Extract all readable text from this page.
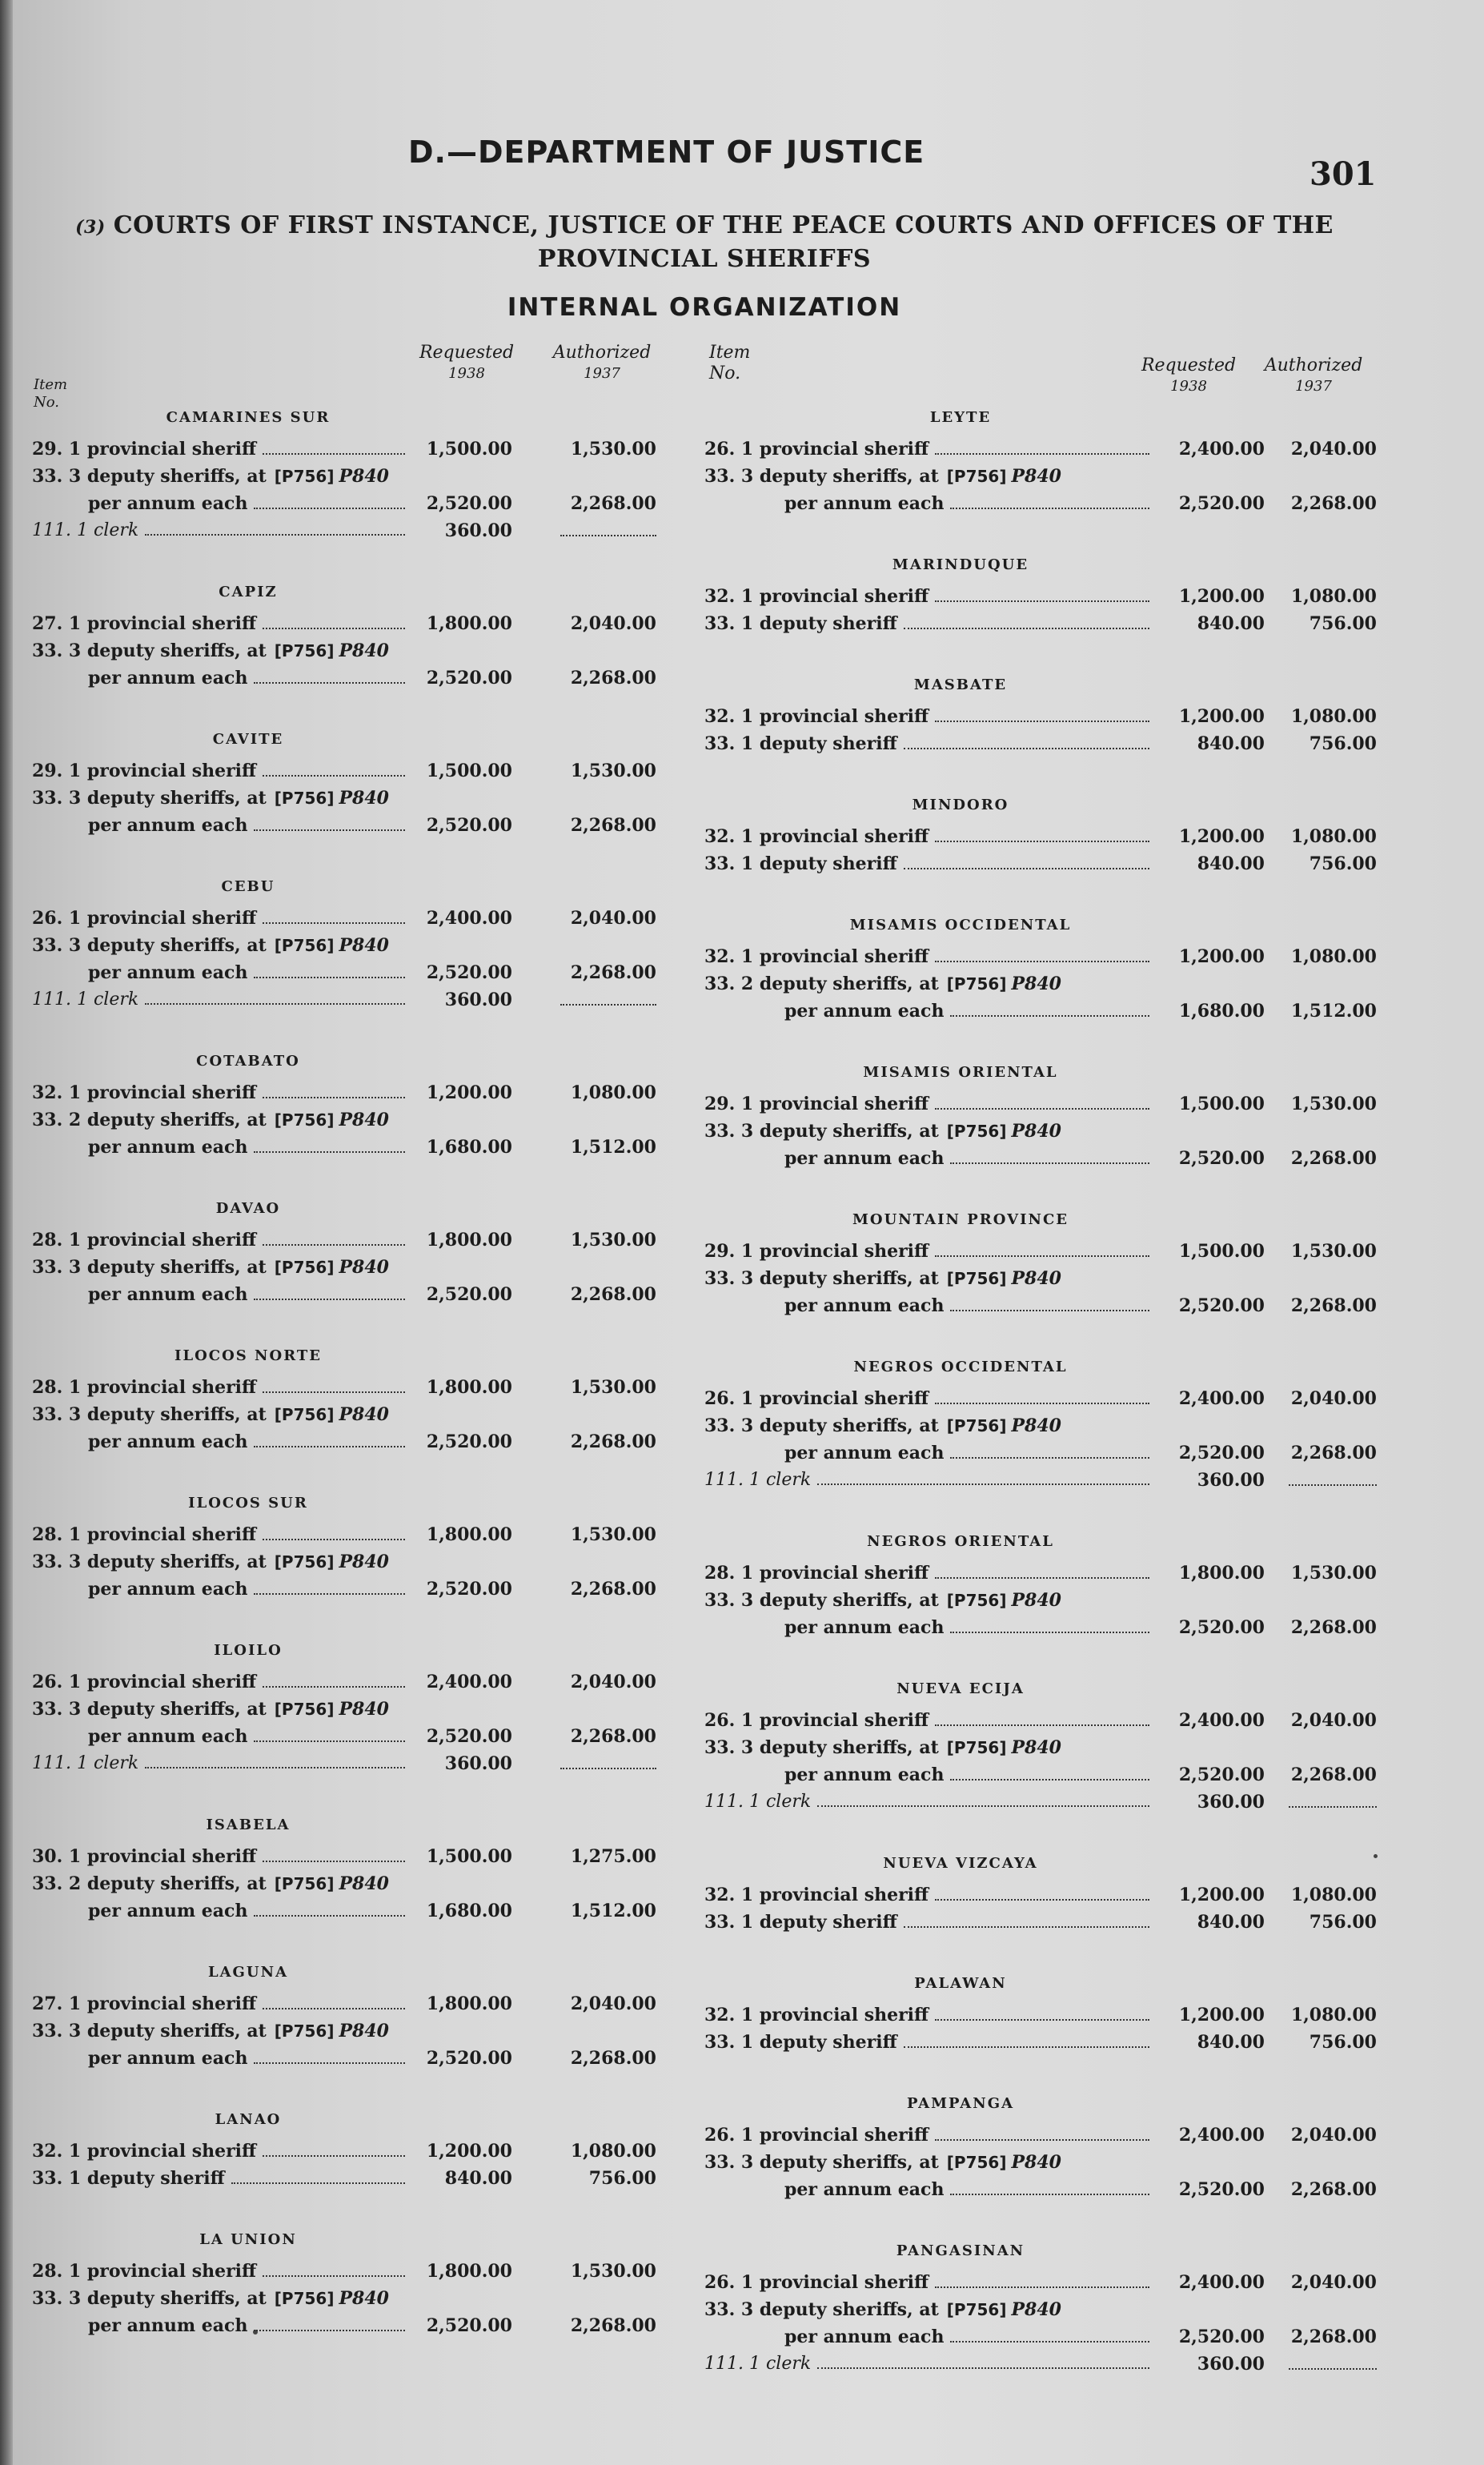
D.—DEPARTMENT OF JUSTICE
301
(3) COURTS OF FIRST INSTANCE, JUSTICE OF THE PEACE COURTS AND OFFICES OF THE PROVINCIAL SHERIFFS
INTERNAL ORGANIZATION
Item
No.
Requested
1938
Authorized
1937
Item
No.	Requested
1938
Authorized
1937
CAMARINES SUR
29. 1 provincial sheriff	1,500.00	1,530.00
33. 3 deputy sheriffs, at [P756] P840
per annum each	2,520.00	2,268.00
111. 1 clerk	360.00
CAPIZ
27. 1 provincial sheriff	1,800.00	2,040.00
33. 3 deputy sheriffs, at [P756] P840
per annum each	2,520.00	2,268.00
CAVITE
29. 1 provincial sheriff	1,500.00	1,530.00
33. 3 deputy sheriffs, at [P756] P840
per annum each	2,520.00	2,268.00
CEBU
26. 1 provincial sheriff	2,400.00	2,040.00
33. 3 deputy sheriffs, at [P756] P840
per annum each	2,520.00	2,268.00
111. 1 clerk	360.00
COTABATO
32. 1 provincial sheriff	1,200.00	1,080.00
33. 2 deputy sheriffs, at [P756] P840
per annum each	1,680.00	1,512.00
DAVAO
28. 1 provincial sheriff	1,800.00	1,530.00
33. 3 deputy sheriffs, at [P756] P840
per annum each	2,520.00	2,268.00
ILOCOS NORTE
28. 1 provincial sheriff	1,800.00	1,530.00
33. 3 deputy sheriffs, at [P756] P840
per annum each	2,520.00	2,268.00
ILOCOS SUR
28. 1 provincial sheriff	1,800.00	1,530.00
33. 3 deputy sheriffs, at [P756] P840
per annum each	2,520.00	2,268.00
ILOILO
26. 1 provincial sheriff	2,400.00	2,040.00
33. 3 deputy sheriffs, at [P756] P840
per annum each	2,520.00	2,268.00
111. 1 clerk	360.00
ISABELA
30. 1 provincial sheriff	1,500.00	1,275.00
33. 2 deputy sheriffs, at [P756] P840
per annum each	1,680.00	1,512.00
LAGUNA
27. 1 provincial sheriff	1,800.00	2,040.00
33. 3 deputy sheriffs, at [P756] P840
per annum each	2,520.00	2,268.00
LANAO
32. 1 provincial sheriff	1,200.00	1,080.00
33. 1 deputy sheriff	840.00	756.00
LA UNION
28. 1 provincial sheriff	1,800.00	1,530.00
33. 3 deputy sheriffs, at [P756] P840
per annum each	2,520.00	2,268.00
LEYTE
26. 1 provincial sheriff	2,400.00	2,040.00
33. 3 deputy sheriffs, at [P756] P840
per annum each	2,520.00	2,268.00
MARINDUQUE
32. 1 provincial sheriff	1,200.00	1,080.00
33. 1 deputy sheriff	840.00	756.00
MASBATE
32. 1 provincial sheriff	1,200.00	1,080.00
33. 1 deputy sheriff	840.00	756.00
MINDORO
32. 1 provincial sheriff	1,200.00	1,080.00
33. 1 deputy sheriff	840.00	756.00
MISAMIS OCCIDENTAL
32. 1 provincial sheriff	1,200.00	1,080.00
33. 2 deputy sheriffs, at [P756] P840
per annum each	1,680.00	1,512.00
MISAMIS ORIENTAL
29. 1 provincial sheriff	1,500.00	1,530.00
33. 3 deputy sheriffs, at [P756] P840
per annum each	2,520.00	2,268.00
MOUNTAIN PROVINCE
29. 1 provincial sheriff	1,500.00	1,530.00
33. 3 deputy sheriffs, at [P756] P840
per annum each	2,520.00	2,268.00
NEGROS OCCIDENTAL
26. 1 provincial sheriff	2,400.00	2,040.00
33. 3 deputy sheriffs, at [P756] P840
per annum each	2,520.00	2,268.00
111. 1 clerk	360.00
NEGROS ORIENTAL
28. 1 provincial sheriff	1,800.00	1,530.00
33. 3 deputy sheriffs, at [P756] P840
per annum each	2,520.00	2,268.00
NUEVA ECIJA
26. 1 provincial sheriff	2,400.00	2,040.00
33. 3 deputy sheriffs, at [P756] P840
per annum each	2,520.00	2,268.00
111. 1 clerk	360.00
NUEVA VIZCAYA
32. 1 provincial sheriff	1,200.00	1,080.00
33. 1 deputy sheriff	840.00	756.00
PALAWAN
32. 1 provincial sheriff	1,200.00	1,080.00
33. 1 deputy sheriff	840.00	756.00
PAMPANGA
26. 1 provincial sheriff	2,400.00	2,040.00
33. 3 deputy sheriffs, at [P756] P840
per annum each	2,520.00	2,268.00
PANGASINAN
26. 1 provincial sheriff	2,400.00	2,040.00
33. 3 deputy sheriffs, at [P756] P840
per annum each	2,520.00	2,268.00
111. 1 clerk	360.00
